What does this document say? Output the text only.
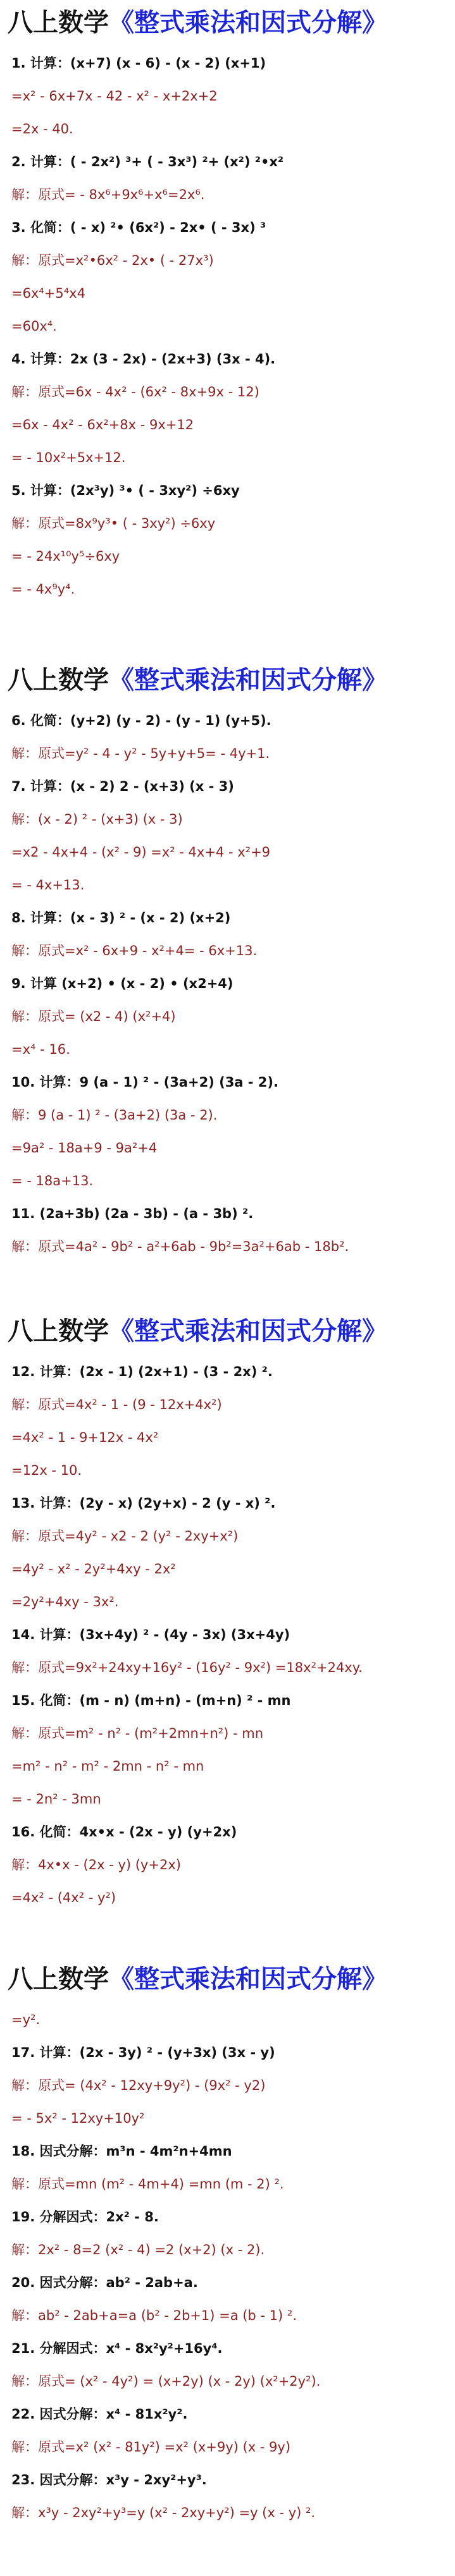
八上数学《整式乘法和因式分解》
1. 计算：(x+7) (x - 6) - (x - 2) (x+1)
=x² - 6x+7x - 42 - x² - x+2x+2
=2x - 40.
2. 计算：( - 2x²) ³+ ( - 3x³) ²+ (x²) ²•x²
解：原式= - 8x⁶+9x⁶+x⁶=2x⁶.
3. 化简：( - x) ²• (6x²) - 2x• ( - 3x) ³
解：原式=x²•6x² - 2x• ( - 27x³)
=6x⁴+5⁴x4
=60x⁴.
4. 计算：2x (3 - 2x) - (2x+3) (3x - 4).
解：原式=6x - 4x² - (6x² - 8x+9x - 12)
=6x - 4x² - 6x²+8x - 9x+12
= - 10x²+5x+12.
5. 计算：(2x³y) ³• ( - 3xy²) ÷6xy
解：原式=8x⁹y³• ( - 3xy²) ÷6xy
= - 24x¹⁰y⁵÷6xy
= - 4x⁹y⁴.
八上数学《整式乘法和因式分解》
6. 化简：(y+2) (y - 2) - (y - 1) (y+5).
解：原式=y² - 4 - y² - 5y+y+5= - 4y+1.
7. 计算：(x - 2) 2 - (x+3) (x - 3)
解：(x - 2) ² - (x+3) (x - 3)
=x2 - 4x+4 - (x² - 9) =x² - 4x+4 - x²+9
= - 4x+13.
8. 计算：(x - 3) ² - (x - 2) (x+2)
解：原式=x² - 6x+9 - x²+4= - 6x+13.
9. 计算 (x+2) • (x - 2) • (x2+4)
解：原式= (x2 - 4) (x²+4)
=x⁴ - 16.
10. 计算：9 (a - 1) ² - (3a+2) (3a - 2).
解：9 (a - 1) ² - (3a+2) (3a - 2).
=9a² - 18a+9 - 9a²+4
= - 18a+13.
11. (2a+3b) (2a - 3b) - (a - 3b) ².
解：原式=4a² - 9b² - a²+6ab - 9b²=3a²+6ab - 18b².
八上数学《整式乘法和因式分解》
12. 计算：(2x - 1) (2x+1) - (3 - 2x) ².
解：原式=4x² - 1 - (9 - 12x+4x²)
=4x² - 1 - 9+12x - 4x²
=12x - 10.
13. 计算：(2y - x) (2y+x) - 2 (y - x) ².
解：原式=4y² - x2 - 2 (y² - 2xy+x²)
=4y² - x² - 2y²+4xy - 2x²
=2y²+4xy - 3x².
14. 计算：(3x+4y) ² - (4y - 3x) (3x+4y)
解：原式=9x²+24xy+16y² - (16y² - 9x²) =18x²+24xy.
15. 化简：(m - n) (m+n) - (m+n) ² - mn
解：原式=m² - n² - (m²+2mn+n²) - mn
=m² - n² - m² - 2mn - n² - mn
= - 2n² - 3mn
16. 化简：4x•x - (2x - y) (y+2x)
解：4x•x - (2x - y) (y+2x)
=4x² - (4x² - y²)
八上数学《整式乘法和因式分解》
=y².
17. 计算：(2x - 3y) ² - (y+3x) (3x - y)
解：原式= (4x² - 12xy+9y²) - (9x² - y2)
= - 5x² - 12xy+10y²
18. 因式分解：m³n - 4m²n+4mn
解：原式=mn (m² - 4m+4) =mn (m - 2) ².
19. 分解因式：2x² - 8.
解：2x² - 8=2 (x² - 4) =2 (x+2) (x - 2).
20. 因式分解：ab² - 2ab+a.
解：ab² - 2ab+a=a (b² - 2b+1) =a (b - 1) ².
21. 分解因式：x⁴ - 8x²y²+16y⁴.
解：原式= (x² - 4y²) = (x+2y) (x - 2y) (x²+2y²).
22. 因式分解：x⁴ - 81x²y².
解：原式=x² (x² - 81y²) =x² (x+9y) (x - 9y)
23. 因式分解：x³y - 2xy²+y³.
解：x³y - 2xy²+y³=y (x² - 2xy+y²) =y (x - y) ².
